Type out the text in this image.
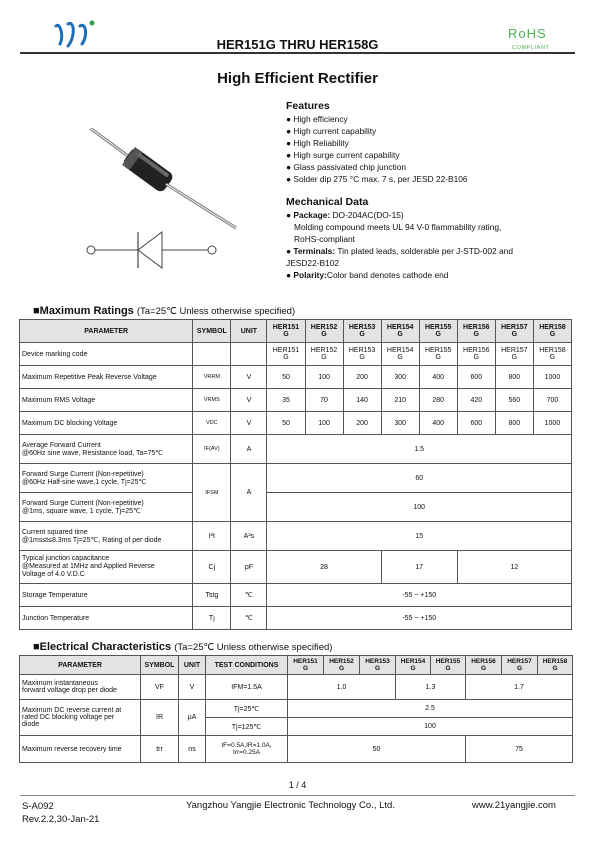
HER151G THRU HER158G
RoHS
COMPLIANT
High Efficient Rectifier
Features
● High efficiency
● High current capability
● High Reliability
● High surge current capability
● Glass passivated chip junction
● Solder dip 275 °C max. 7 s, per JESD 22-B106
Mechanical Data
● Package: DO-204AC(DO-15)
Molding compound meets UL 94 V-0 flammability rating, RoHS-compliant
● Terminals: Tin plated leads, solderable per J-STD-002 and JESD22-B102
● Polarity:Color band denotes cathode end
■Maximum Ratings (Ta=25℃ Unless otherwise specified)
PARAMETER	SYMBOL	UNIT	HER151 G	HER152 G	HER153 G	HER154 G	HER155 G	HER156 G	HER157 G	HER158 G
Device marking code			HER151 G	HER152 G	HER153 G	HER154 G	HER155 G	HER156 G	HER157 G	HER158 G
Maximum Repetitive Peak Reverse Voltage	VRRM	V	50	100	200	300	400	600	800	1000
Maximum RMS Voltage	VRMS	V	35	70	140	210	280	420	560	700
Maximum DC blocking Voltage	VDC	V	50	100	200	300	400	600	800	1000

Average Forward Current
@60Hz sine wave, Resistance load, Ta=75℃	IF(AV)	A	1.5							

Forward Surge Current (Non-repetitive)
@60Hz Half-sine wave,1 cycle, Tj=25℃	IFSM	A	60							

Forward Surge Current (Non-repetitive)
@1ms, square wave, 1 cycle, Tj=25℃			100							

Current squared time
@1ms≤t≤8.3ms Tj=25℃, Rating of per diode	I²t	A²s	15							

Typical junction capacitance
@Measured at 1MHz and Applied Reverse
Voltage of 4.0 V.D.C	Cj	pF	28			17		12		
Storage Temperature	Tstg	℃	-55 ~ +150							
Junction Temperature	Tj	℃	-55 ~ +150							
■Electrical Characteristics (Ta=25℃ Unless otherwise specified)
PARAMETER	SYMBOL	UNIT	TEST CONDITIONS	HER151 G	HER152 G	HER153 G	HER154 G	HER155 G	HER156 G	HER157 G	HER158 G

Maximum instantaneous
forward voltage drop per diode	VF	V	IFM=1.5A	1.0			1.3		1.7		

Maximum DC reverse current at
rated DC blocking voltage per
diode	IR	μA	Tj=25℃	2.5							
			Tj=125℃	100							
Maximum reverse recovery time	trr	ns	IF=0.5A,IR=1.0A,
Irr=0.25A	50					75		
1 / 4
S-A092
Rev.2.2,30-Jan-21
Yangzhou Yangjie Electronic Technology Co., Ltd.	www.21yangjie.com
